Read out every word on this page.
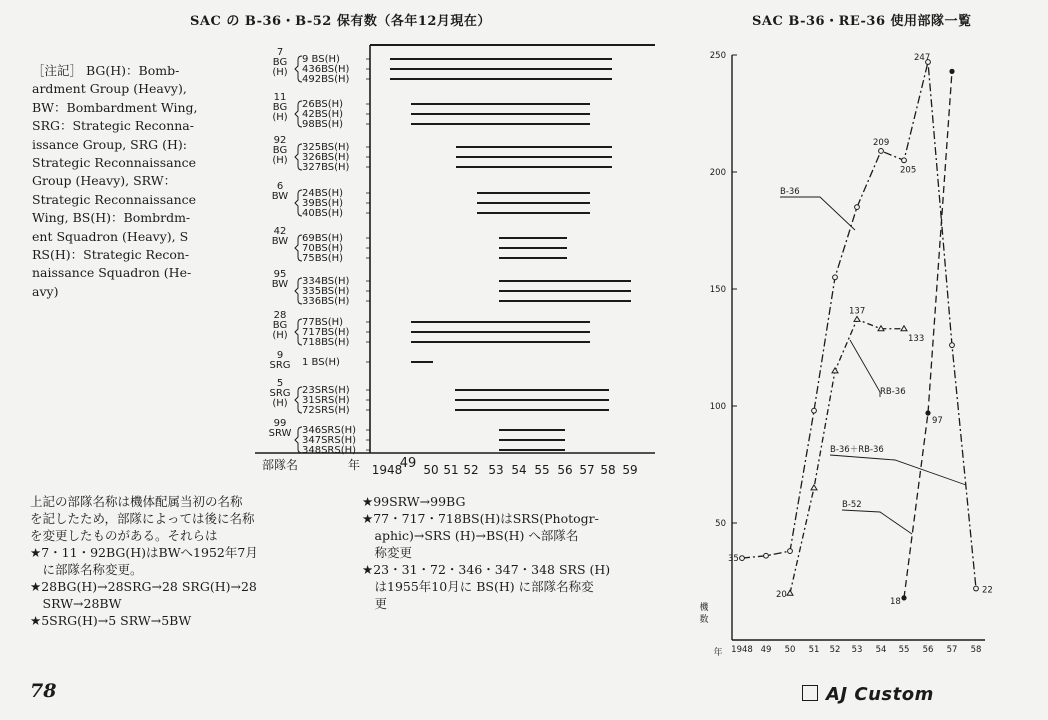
SAC の B-36・B-52 保有数（各年12月現在）	SAC B-36・RE-36 使用部隊一覧
［注記］ BG(H)：Bomb-
ardment Group (Heavy),
BW：Bombardment Wing,
SRG：Strategic Reconna-
issance Group, SRG (H):
Strategic Reconnaissance
Group (Heavy), SRW：
Strategic Reconnaissance
Wing, BS(H)：Bombrdm-
ent Squadron (Heavy), S
RS(H)：Strategic Recon-
naissance Squadron (He-
avy)
7
BG
(H)
9 BS(H)
436BS(H)
492BS(H)
11
BG
(H)
26BS(H)
42BS(H)
98BS(H)
92
BG
(H)
325BS(H)
326BS(H)
327BS(H)
6
BW 24BS(H)
39BS(H)
40BS(H)
42
BW 69BS(H)
70BS(H)
75BS(H)
95
BW 334BS(H)
335BS(H)
336BS(H)
28
BG
(H)
77BS(H)
717BS(H)
718BS(H)
9
SRG 1 BS(H)
5
SRG
(H)
23SRS(H)
31SRS(H)
72SRS(H)
99
SRW 346SRS(H)
347SRS(H)
348SRS(H)
部隊名	年	49
1948 50 51 52 53 54 55 56 57 58 59
50
100
150
200
250
1948 49 50 51 52 53 54 55 56 57 58
機
数
年
35
20
137
209
133
205
247
97
18
22
B-36
RB-36
B-36＋RB-36
B-52
上記の部隊名称は機体配属当初の名称
を記したため，部隊によっては後に名称
を変更したものがある。それらは
★7・11・92BG(H)はBWへ1952年7月
　に部隊名称変更。
★28BG(H)→28SRG→28 SRG(H)→28
　SRW→28BW
★5SRG(H)→5 SRW→5BW
★99SRW→99BG
★77・717・718BS(H)はSRS(Photogr-
　aphic)→SRS (H)→BS(H) へ部隊名
　称変更
★23・31・72・346・347・348 SRS (H)
　は1955年10月に BS(H) に部隊名称変
　更
78	AJ Custom
